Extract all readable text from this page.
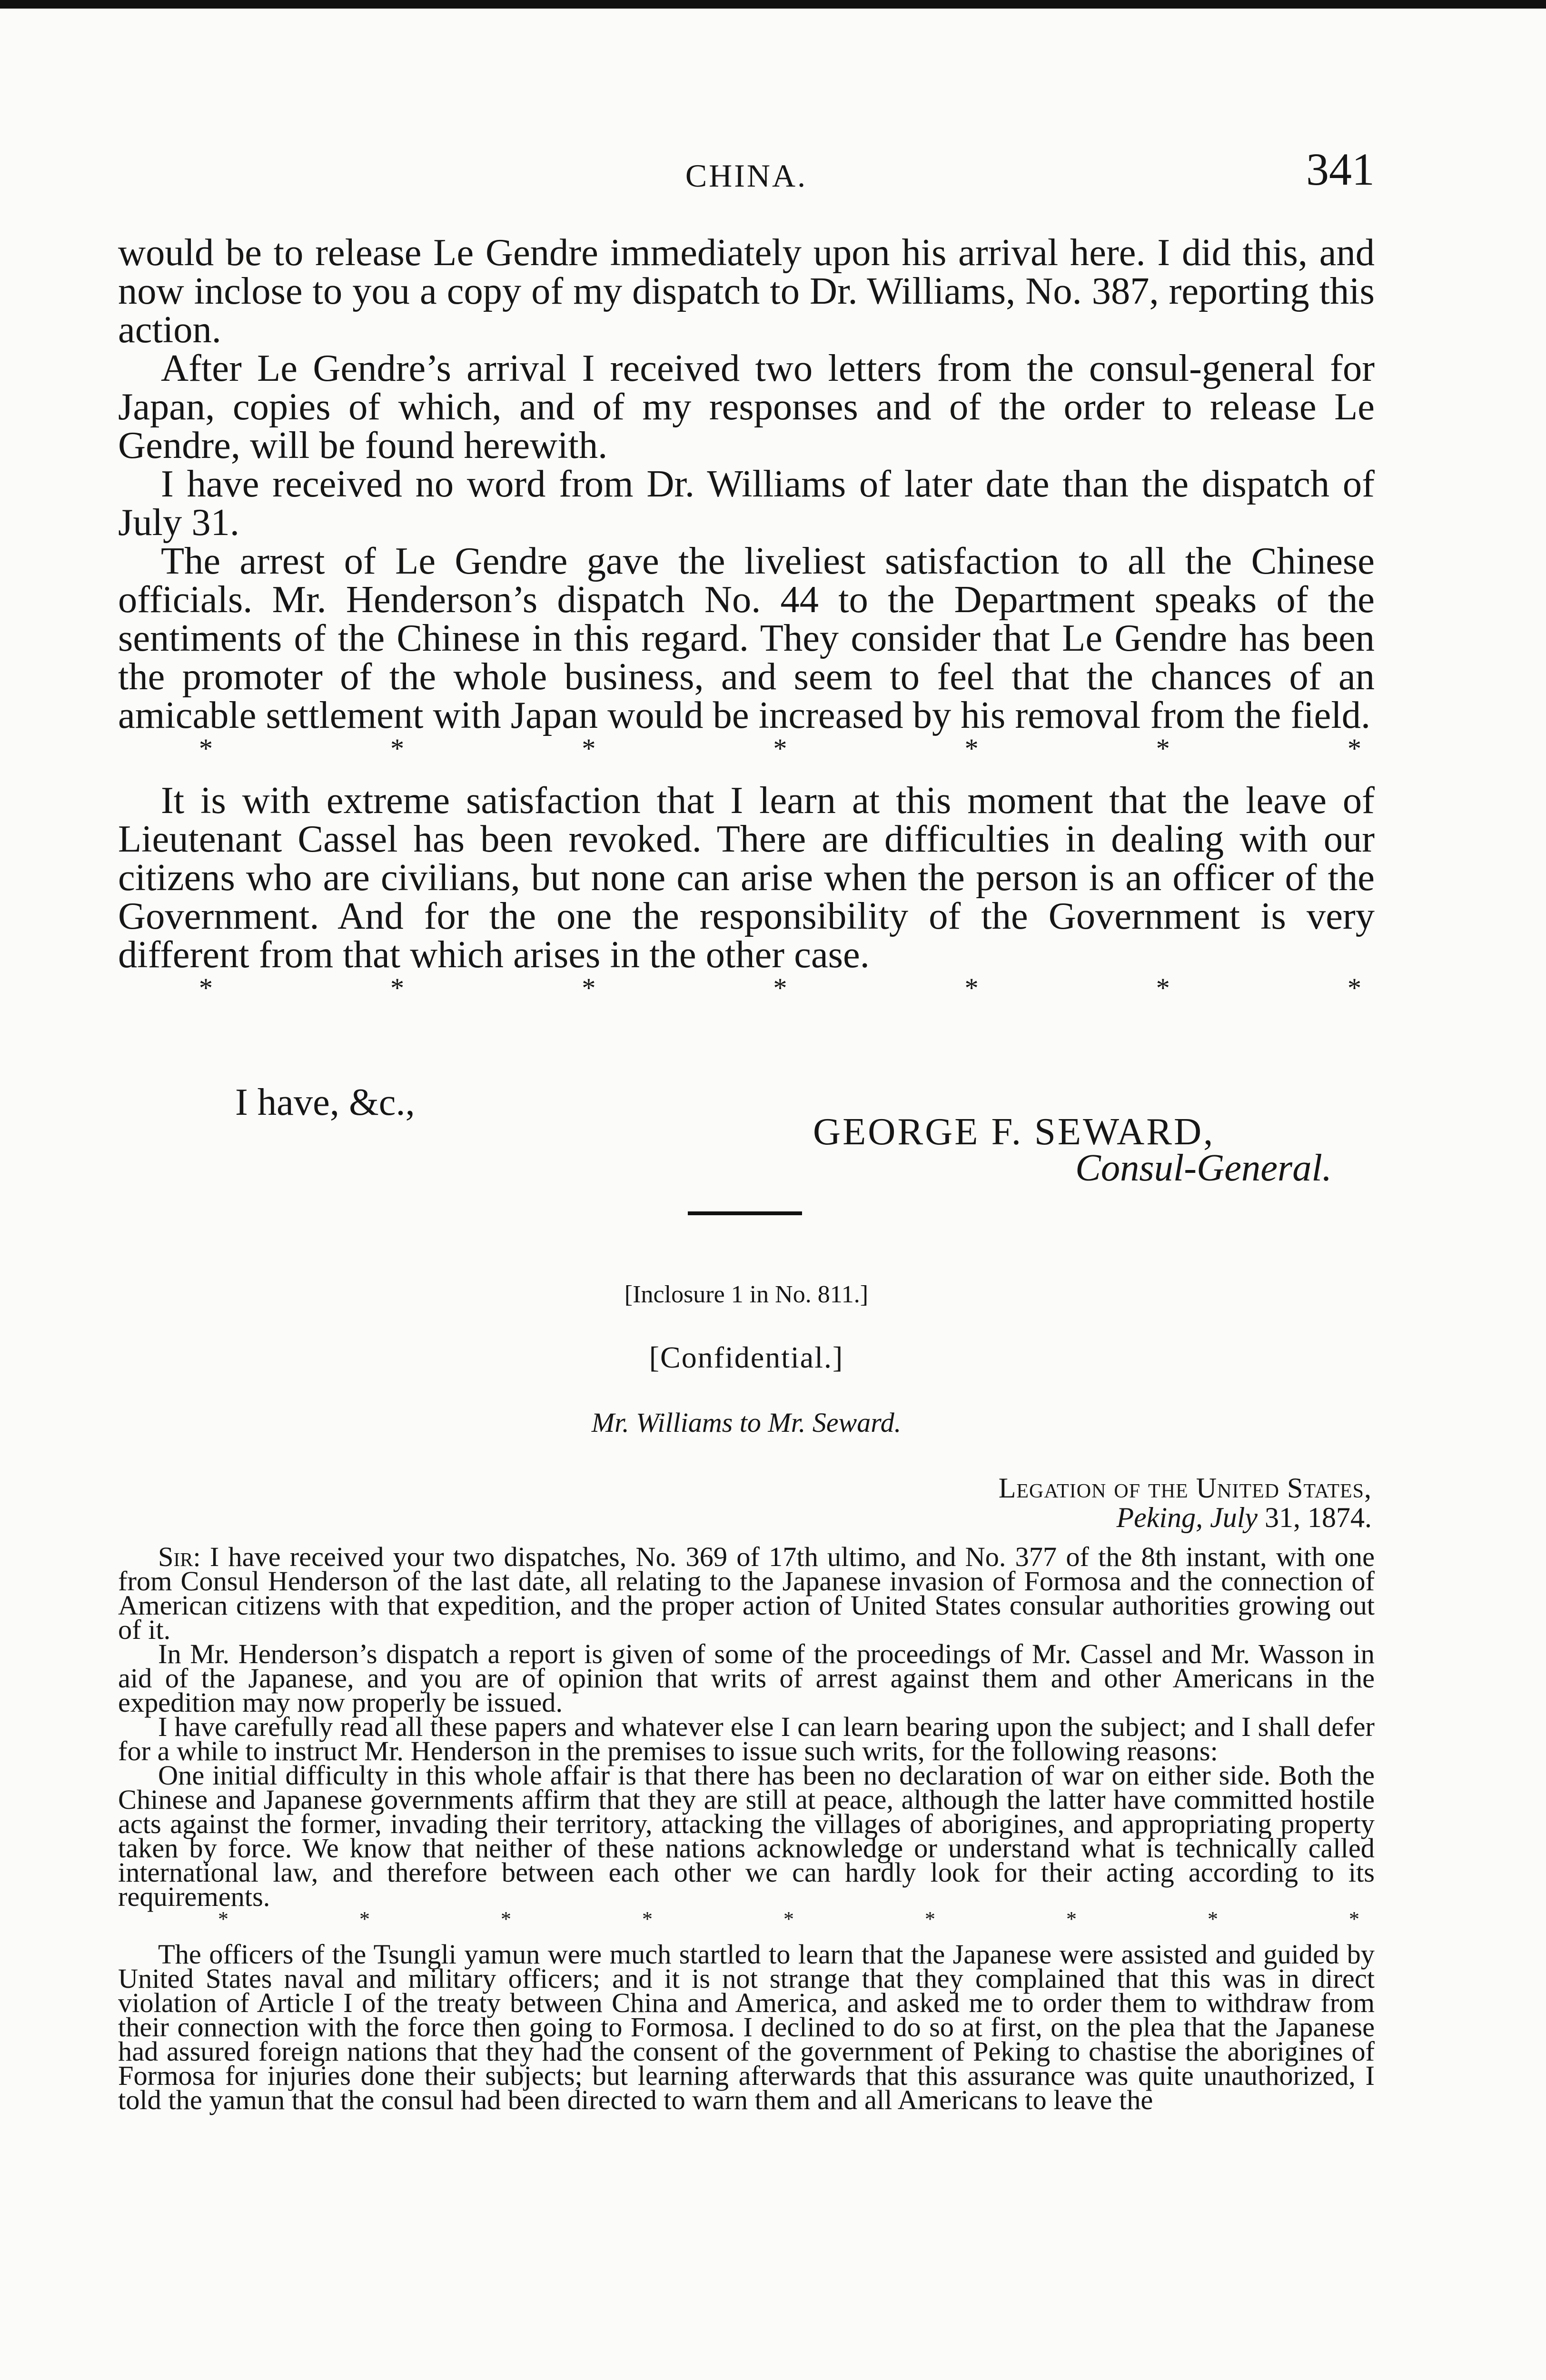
CHINA.	341

would be to release Le Gendre immediately upon his arrival here. I did this, and now inclose to you a copy of my dispatch to Dr. Williams, No. 387, reporting this action.

After Le Gendre’s arrival I received two letters from the consul-general for Japan, copies of which, and of my responses and of the order to release Le Gendre, will be found herewith.

I have received no word from Dr. Williams of later date than the dispatch of July 31.

The arrest of Le Gendre gave the liveliest satisfaction to all the Chinese officials. Mr. Henderson’s dispatch No. 44 to the Department speaks of the sentiments of the Chinese in this regard. They consider that Le Gendre has been the promoter of the whole business, and seem to feel that the chances of an amicable settlement with Japan would be increased by his removal from the field.

*	*	*	*	*	*	*

It is with extreme satisfaction that I learn at this moment that the leave of Lieutenant Cassel has been revoked. There are difficulties in dealing with our citizens who are civilians, but none can arise when the person is an officer of the Government. And for the one the responsibility of the Government is very different from that which arises in the other case.

*	*	*	*	*	*	*
I have, &c.,
GEORGE F. SEWARD,
Consul-General.
[Inclosure 1 in No. 811.]
[Confidential.]
Mr. Williams to Mr. Seward.
Legation of the United States,
Peking, July 31, 1874.

Sir: I have received your two dispatches, No. 369 of 17th ultimo, and No. 377 of the 8th instant, with one from Consul Henderson of the last date, all relating to the Japanese invasion of Formosa and the connection of American citizens with that expedition, and the proper action of United States consular authorities growing out of it.

In Mr. Henderson’s dispatch a report is given of some of the proceedings of Mr. Cassel and Mr. Wasson in aid of the Japanese, and you are of opinion that writs of arrest against them and other Americans in the expedition may now properly be issued.

I have carefully read all these papers and whatever else I can learn bearing upon the subject; and I shall defer for a while to instruct Mr. Henderson in the premises to issue such writs, for the following reasons:

One initial difficulty in this whole affair is that there has been no declaration of war on either side. Both the Chinese and Japanese governments affirm that they are still at peace, although the latter have committed hostile acts against the former, invading their territory, attacking the villages of aborigines, and appropriating property taken by force. We know that neither of these nations acknowledge or understand what is technically called international law, and therefore between each other we can hardly look for their acting according to its requirements.

*	*	*	*	*	*	*	*	*

The officers of the Tsungli yamun were much startled to learn that the Japanese were assisted and guided by United States naval and military officers; and it is not strange that they complained that this was in direct violation of Article I of the treaty between China and America, and asked me to order them to withdraw from their connection with the force then going to Formosa. I declined to do so at first, on the plea that the Japanese had assured foreign nations that they had the consent of the government of Peking to chastise the aborigines of Formosa for injuries done their subjects; but learning afterwards that this assurance was quite unauthorized, I told the yamun that the consul had been directed to warn them and all Americans to leave the
